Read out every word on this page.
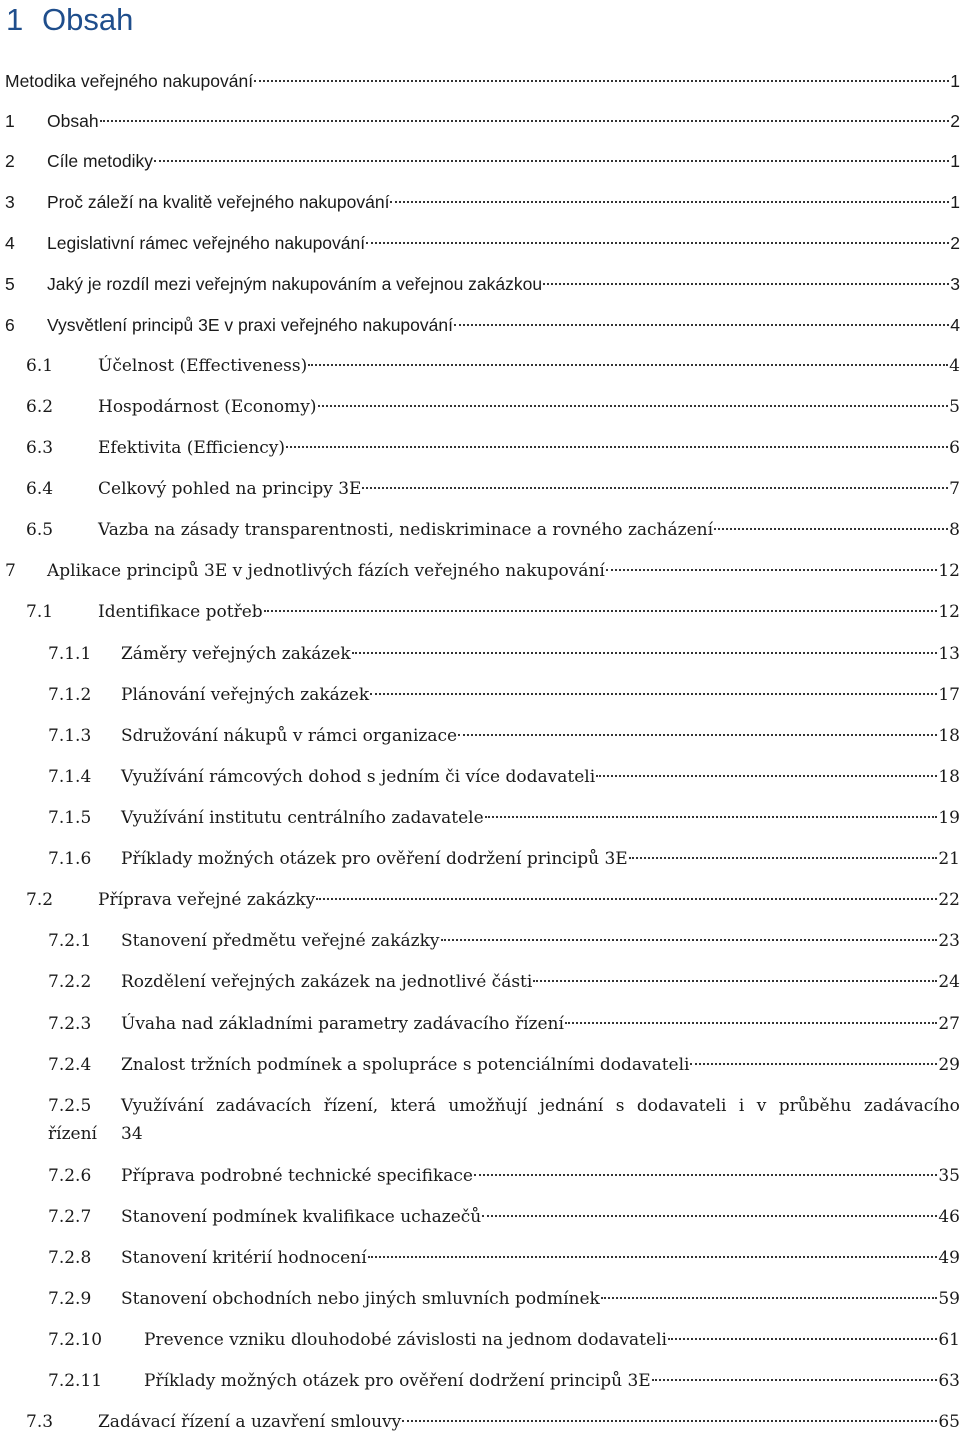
1 Obsah
Metodika veřejného nakupování	1
1 Obsah	2
2 Cíle metodiky	1
3 Proč záleží na kvalitě veřejného nakupování	1
4 Legislativní rámec veřejného nakupování	2
5 Jaký je rozdíl mezi veřejným nakupováním a veřejnou zakázkou	3
6 Vysvětlení principů 3E v praxi veřejného nakupování	4
6.1	Účelnost (Effectiveness)	4
6.2	Hospodárnost (Economy)	5
6.3	Efektivita (Efficiency)	6
6.4	Celkový pohled na principy 3E	7
6.5	Vazba na zásady transparentnosti, nediskriminace a rovného zacházení	8
7 Aplikace principů 3E v jednotlivých fázích veřejného nakupování	12
7.1	Identifikace potřeb	12
7.1.1 Záměry veřejných zakázek	13
7.1.2 Plánování veřejných zakázek	17
7.1.3 Sdružování nákupů v rámci organizace	18
7.1.4 Využívání rámcových dohod s jedním či více dodavateli	18
7.1.5 Využívání institutu centrálního zadavatele	19
7.1.6 Příklady možných otázek pro ověření dodržení principů 3E	21
7.2	Příprava veřejné zakázky	22
7.2.1 Stanovení předmětu veřejné zakázky	23
7.2.2 Rozdělení veřejných zakázek na jednotlivé části	24
7.2.3 Úvaha nad základními parametry zadávacího řízení	27
7.2.4 Znalost tržních podmínek a spolupráce s potenciálními dodavateli	29
7.2.5 Využívání zadávacích řízení, která umožňují jednání s dodavateli i v průběhu zadávacího
řízení 34
7.2.6 Příprava podrobné technické specifikace	35
7.2.7 Stanovení podmínek kvalifikace uchazečů	46
7.2.8 Stanovení kritérií hodnocení	49
7.2.9 Stanovení obchodních nebo jiných smluvních podmínek	59
7.2.10 Prevence vzniku dlouhodobé závislosti na jednom dodavateli	61
7.2.11 Příklady možných otázek pro ověření dodržení principů 3E	63
7.3	Zadávací řízení a uzavření smlouvy	65
